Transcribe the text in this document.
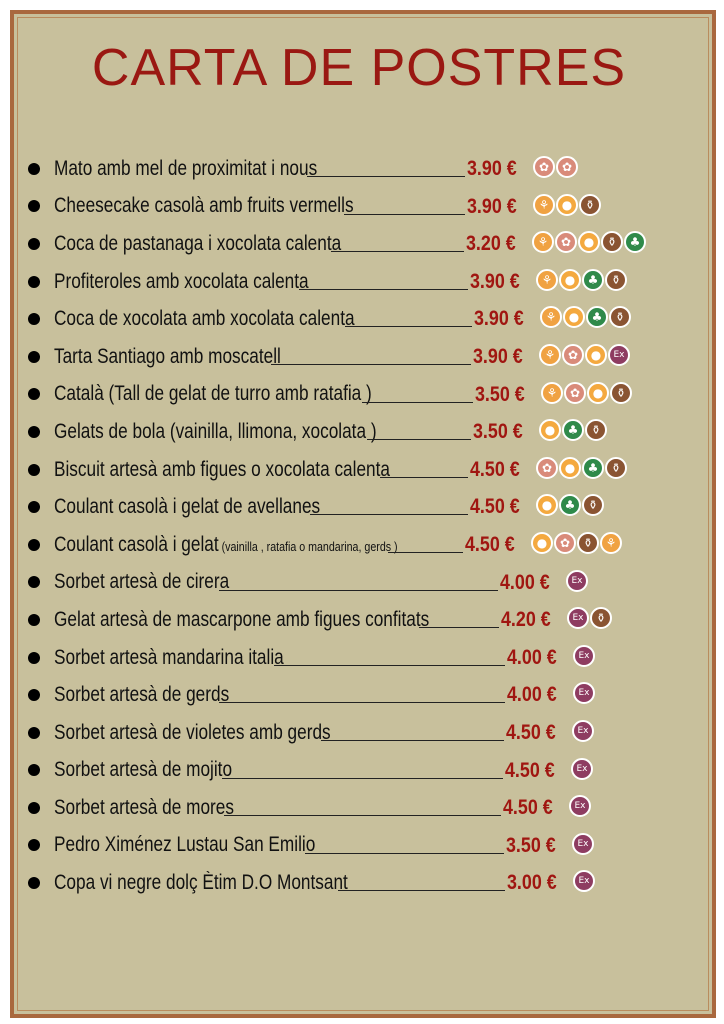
CARTA DE POSTRES
Mato amb mel de proximitat i nous	3.90 €	✿	✿
Cheesecake casolà amb fruits vermells	3.90 €	⚘	●	⚱
Coca de pastanaga i xocolata calenta	3.20 €	⚘	✿	●	⚱	♣
Profiteroles amb xocolata calenta	3.90 €	⚘	●	♣	⚱
Coca de xocolata amb xocolata calenta	3.90 €	⚘	●	♣	⚱
Tarta Santiago amb moscatell	3.90 €	⚘	✿	●	Ex
Català (Tall de gelat de turro amb ratafia )	3.50 €	⚘	✿	●	⚱
Gelats de bola (vainilla, llimona, xocolata )	3.50 €	●	♣	⚱
Biscuit artesà amb figues o xocolata calenta	4.50 €	✿	●	♣	⚱
Coulant casolà i gelat de avellanes	4.50 €	●	♣	⚱
Coulant casolà i gelat (vainilla , ratafia o mandarina, gerds )	4.50 €	●	✿	⚱	⚘
Sorbet artesà de cirera	4.00 €	Ex
Gelat artesà de mascarpone amb figues confitats	4.20 €	Ex	⚱
Sorbet artesà mandarina italia	4.00 €	Ex
Sorbet artesà de gerds	4.00 €	Ex
Sorbet artesà de violetes amb gerds	4.50 €	Ex
Sorbet artesà de mojito	4.50 €	Ex
Sorbet artesà de mores	4.50 €	Ex
Pedro Ximénez Lustau San Emilio	3.50 €	Ex
Copa vi negre dolç Ètim D.O Montsant	3.00 €	Ex
